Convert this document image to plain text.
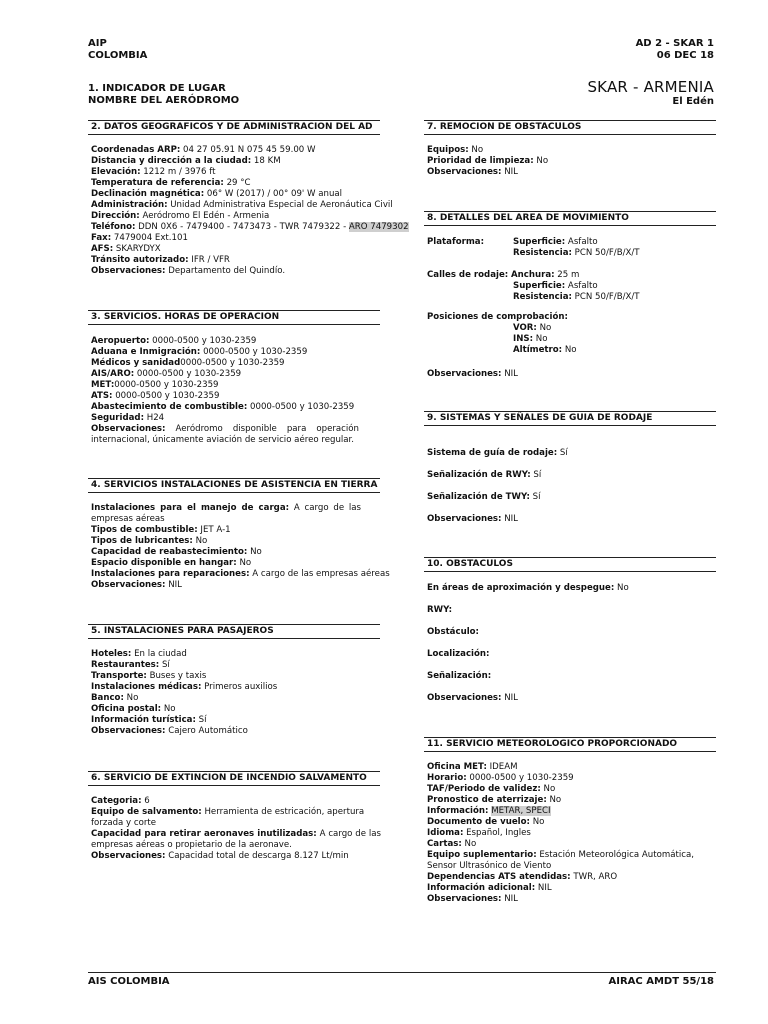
AIP
COLOMBIA
AD 2 - SKAR 1
06 DEC 18
1. INDICADOR DE LUGAR
NOMBRE DEL AERÓDROMO
SKAR - ARMENIA
El Edén
2. DATOS GEOGRAFICOS Y DE ADMINISTRACION DEL AD
Coordenadas ARP: 04 27 05.91 N 075 45 59.00 W
Distancia y dirección a la ciudad: 18 KM
Elevación: 1212 m / 3976 ft
Temperatura de referencia: 29 °C
Declinación magnética: 06° W (2017) / 00° 09' W anual
Administración: Unidad Administrativa Especial de Aeronáutica Civil
Dirección: Aeródromo El Edén - Armenia
Teléfono: DDN 0X6 - 7479400 - 7473473 - TWR 7479322 - ARO 7479302
Fax: 7479004 Ext.101
AFS: SKARYDYX
Tránsito autorizado: IFR / VFR
Observaciones: Departamento del Quindío.
3. SERVICIOS. HORAS DE OPERACION
Aeropuerto: 0000-0500 y 1030-2359
Aduana e Inmigración: 0000-0500 y 1030-2359
Médicos y sanidad0000-0500 y 1030-2359
AIS/ARO: 0000-0500 y 1030-2359
MET:0000-0500 y 1030-2359
ATS: 0000-0500 y 1030-2359
Abastecimiento de combustible: 0000-0500 y 1030-2359
Seguridad: H24
Observaciones: Aeródromo disponible para operación internacional, únicamente aviación de servicio aéreo regular.
4. SERVICIOS INSTALACIONES DE ASISTENCIA EN TIERRA
Instalaciones para el manejo de carga: A cargo de las empresas aéreas
Tipos de combustible: JET A-1
Tipos de lubricantes: No
Capacidad de reabastecimiento: No
Espacio disponible en hangar: No
Instalaciones para reparaciones: A cargo de las empresas aéreas
Observaciones: NIL
5. INSTALACIONES PARA PASAJEROS
Hoteles: En la ciudad
Restaurantes: Sí
Transporte: Buses y taxis
Instalaciones médicas: Primeros auxilios
Banco: No
Oficina postal: No
Información turística: Sí
Observaciones: Cajero Automático
6. SERVICIO DE EXTINCION DE INCENDIO SALVAMENTO
Categoria: 6
Equipo de salvamento: Herramienta de estricación, apertura forzada y corte
Capacidad para retirar aeronaves inutilizadas: A cargo de las empresas aéreas o propietario de la aeronave.
Observaciones: Capacidad total de descarga 8.127 Lt/min
7. REMOCION DE OBSTACULOS
Equipos: No
Prioridad de limpieza: No
Observaciones: NIL
8. DETALLES DEL AREA DE MOVIMIENTO
Plataforma:	Superficie: Asfalto
Resistencia: PCN 50/F/B/X/T
Calles de rodaje: Anchura: 25 m
Superficie: Asfalto
Resistencia: PCN 50/F/B/X/T
Posiciones de comprobación:
VOR: No
INS: No
Altímetro: No
Observaciones: NIL
9. SISTEMAS Y SEÑALES DE GUIA DE RODAJE
Sistema de guía de rodaje: Sí
Señalización de RWY: Sí
Señalización de TWY: Sí
Observaciones: NIL
10. OBSTACULOS
En áreas de aproximación y despegue: No
RWY:
Obstáculo:
Localización:
Señalización:
Observaciones: NIL
11. SERVICIO METEOROLOGICO PROPORCIONADO
Oficina MET: IDEAM
Horario: 0000-0500 y 1030-2359
TAF/Periodo de validez: No
Pronostico de aterrizaje: No
Información: METAR, SPECI
Documento de vuelo: No
Idioma: Español, Ingles
Cartas: No
Equipo suplementario: Estación Meteorológica Automática, Sensor Ultrasónico de Viento
Dependencias ATS atendidas: TWR, ARO
Información adicional: NIL
Observaciones: NIL
AIS COLOMBIA	AIRAC AMDT 55/18
